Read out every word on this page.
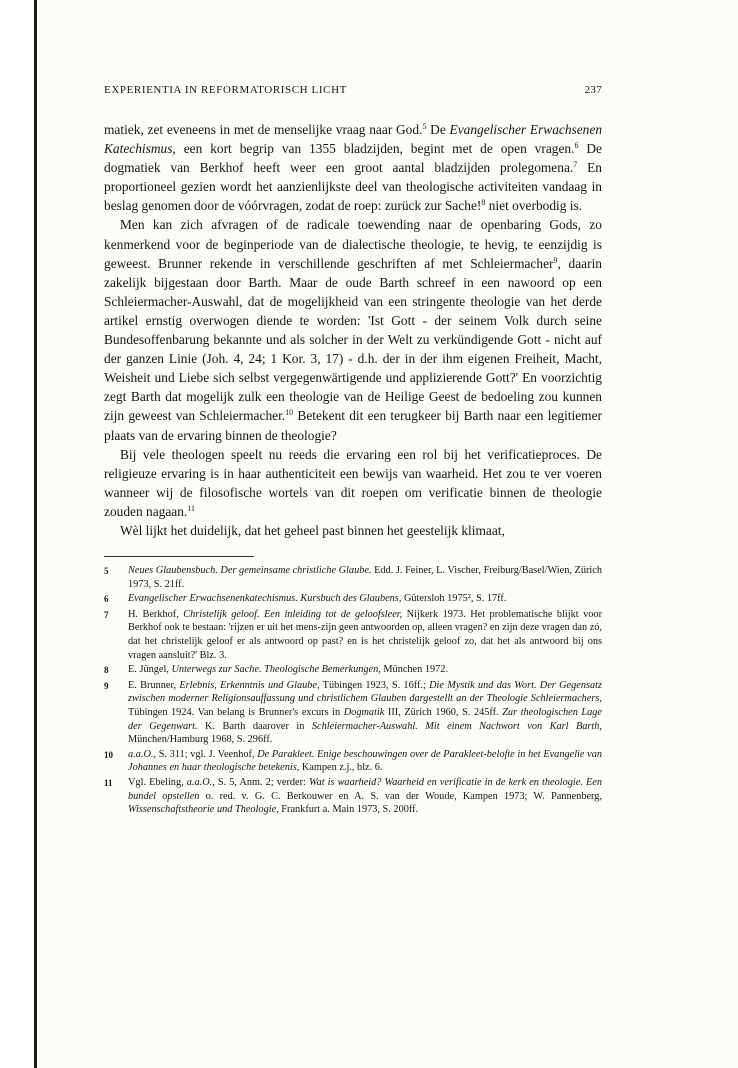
EXPERIENTIA IN REFORMATORISCH LICHT	237

matiek, zet eveneens in met de menselijke vraag naar God.$^5$ De Evangelischer Erwachsenen Katechismus, een kort begrip van 1355 bladzijden, begint met de open vragen.$^6$ De dogmatiek van Berkhof heeft weer een groot aantal bladzijden prolegomena.$^7$ En proportioneel gezien wordt het aanzienlijkste deel van theologische activiteiten vandaag in beslag genomen door de vóórvragen, zodat de roep: zurück zur Sache!$^8$ niet overbodig is.

Men kan zich afvragen of de radicale toewending naar de openbaring Gods, zo kenmerkend voor de beginperiode van de dialectische theologie, te hevig, te eenzijdig is geweest. Brunner rekende in verschillende geschriften af met Schleiermacher$^9$, daarin zakelijk bijgestaan door Barth. Maar de oude Barth schreef in een nawoord op een Schleiermacher-Auswahl, dat de mogelijkheid van een stringente theologie van het derde artikel ernstig overwogen diende te worden: 'Ist Gott - der seinem Volk durch seine Bundesoffenbarung bekannte und als solcher in der Welt zu verkündigende Gott - nicht auf der ganzen Linie (Joh. 4, 24; 1 Kor. 3, 17) - d.h. der in der ihm eigenen Freiheit, Macht, Weisheit und Liebe sich selbst vergegenwärtigende und applizierende Gott?' En voorzichtig zegt Barth dat mogelijk zulk een theologie van de Heilige Geest de bedoeling zou kunnen zijn geweest van Schleiermacher.$^{10}$ Betekent dit een terugkeer bij Barth naar een legitiemer plaats van de ervaring binnen de theologie?

Bij vele theologen speelt nu reeds die ervaring een rol bij het verificatieproces. De religieuze ervaring is in haar authenticiteit een bewijs van waarheid. Het zou te ver voeren wanneer wij de filosofische wortels van dit roepen om verificatie binnen de theologie zouden nagaan.$^{11}$

Wèl lijkt het duidelijk, dat het geheel past binnen het geestelijk klimaat,

5	Neues Glaubensbuch. Der gemeinsame christliche Glaube. Edd. J. Feiner, L. Vischer, Freiburg/Basel/Wien, Zürich 1973, S. 21ff.
6	Evangelischer Erwachsenenkatechismus. Kursbuch des Glaubens, Gütersloh 1975², S. 17ff.
7	H. Berkhof, Christelijk geloof. Een inleiding tot de geloofsleer, Nijkerk 1973. Het problematische blijkt voor Berkhof ook te bestaan: 'rijzen er uit het mens-zijn geen antwoorden op, alleen vragen? en zijn deze vragen dan zó, dat het christelijk geloof er als antwoord op past? en is het christelijk geloof zo, dat het als antwoord bij ons vragen aansluit?' Blz. 3.
8	E. Jüngel, Unterwegs zur Sache. Theologische Bemerkungen, München 1972.
9	E. Brunner, Erlebnis, Erkenntnis und Glaube, Tübingen 1923, S. 16ff.; Die Mystik und das Wort. Der Gegensatz zwischen moderner Religionsauffassung und christlichem Glauben dargestellt an der Theologie Schleiermachers, Tübingen 1924. Van belang is Brunner's excurs in Dogmatik III, Zürich 1960, S. 245ff. Zur theologischen Lage der Gegenwart. K. Barth daarover in Schleiermacher-Auswahl. Mit einem Nachwort von Karl Barth, München/Hamburg 1968, S. 296ff.
10	a.a.O., S. 311; vgl. J. Veenhof, De Parakleet. Enige beschouwingen over de Parakleet-belofte in het Evangelie van Johannes en haar theologische betekenis, Kampen z.j., blz. 6.
11	Vgl. Ebeling, a.a.O., S. 5, Anm. 2; verder: Wat is waarheid? Waarheid en verificatie in de kerk en theologie. Een bundel opstellen o. red. v. G. C. Berkouwer en A. S. van der Woude, Kampen 1973; W. Pannenberg, Wissenschaftstheorie und Theologie, Frankfurt a. Main 1973, S. 200ff.
